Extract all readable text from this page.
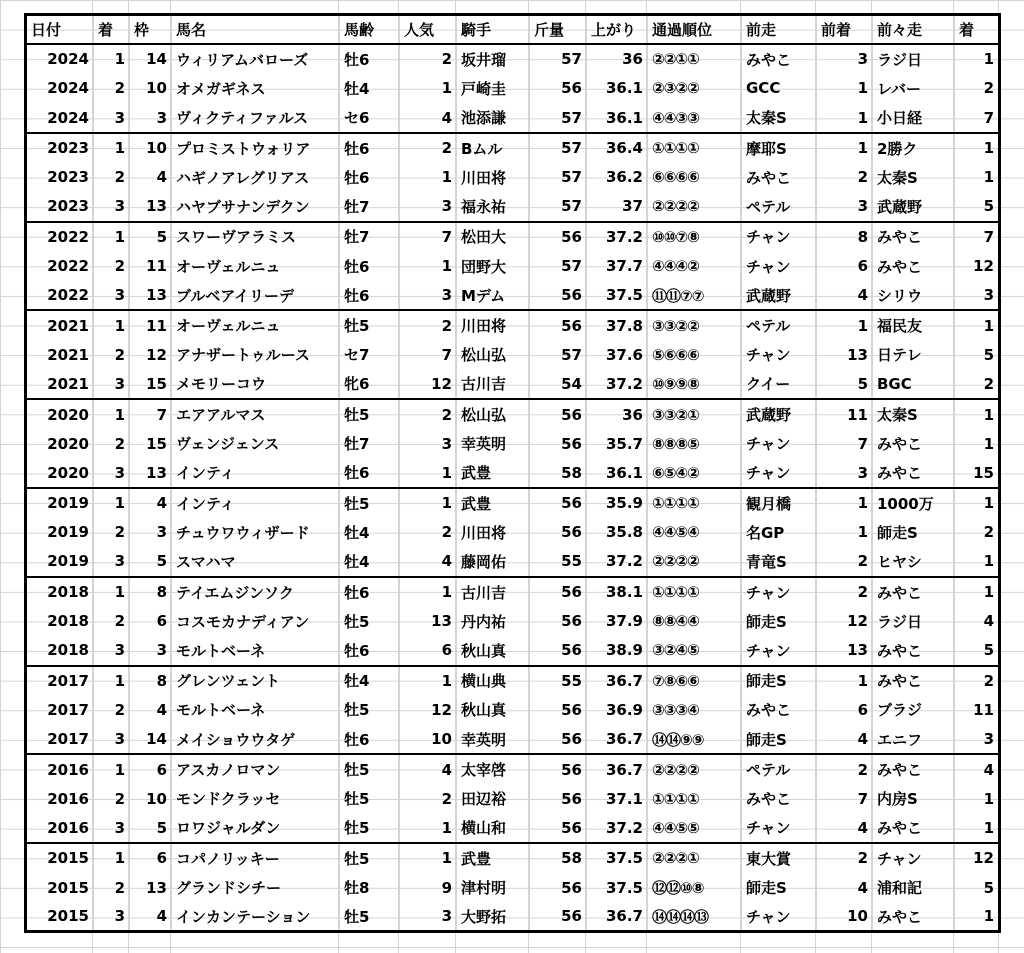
日付	着	枠	馬名	馬齢	人気	騎手	斤量	上がり	通過順位	前走	前着	前々走	着
2024	1	14	ウィリアムバローズ	牡6	2	坂井瑠	57	36	②②①①	みやこ	3	ラジ日	1
2024	2	10	オメガギネス	牡4	1	戸崎圭	56	36.1	②③②②	GCC	1	レバー	2
2024	3	3	ヴィクティファルス	セ6	4	池添謙	57	36.1	④④③③	太秦S	1	小日経	7
2023	1	10	プロミストウォリア	牡6	2	Bムル	57	36.4	①①①①	摩耶S	1	2勝ク	1
2023	2	4	ハギノアレグリアス	牡6	1	川田将	57	36.2	⑥⑥⑥⑥	みやこ	2	太秦S	1
2023	3	13	ハヤブサナンデクン	牡7	3	福永祐	57	37	②②②②	ペテル	3	武蔵野	5
2022	1	5	スワーヴアラミス	牡7	7	松田大	56	37.2	⑩⑩⑦⑧	チャン	8	みやこ	7
2022	2	11	オーヴェルニュ	牡6	1	団野大	57	37.7	④④④②	チャン	6	みやこ	12
2022	3	13	ブルベアイリーデ	牡6	3	Mデム	56	37.5	⑪⑪⑦⑦	武蔵野	4	シリウ	3
2021	1	11	オーヴェルニュ	牡5	2	川田将	56	37.8	③③②②	ペテル	1	福民友	1
2021	2	12	アナザートゥルース	セ7	7	松山弘	57	37.6	⑤⑥⑥⑥	チャン	13	日テレ	5
2021	3	15	メモリーコウ	牝6	12	古川吉	54	37.2	⑩⑨⑨⑧	クイー	5	BGC	2
2020	1	7	エアアルマス	牡5	2	松山弘	56	36	③③②①	武蔵野	11	太秦S	1
2020	2	15	ヴェンジェンス	牡7	3	幸英明	56	35.7	⑧⑧⑧⑤	チャン	7	みやこ	1
2020	3	13	インティ	牡6	1	武豊	58	36.1	⑥⑤④②	チャン	3	みやこ	15
2019	1	4	インティ	牡5	1	武豊	56	35.9	①①①①	観月橋	1	1000万	1
2019	2	3	チュウワウィザード	牡4	2	川田将	56	35.8	④④⑤④	名GP	1	師走S	2
2019	3	5	スマハマ	牡4	4	藤岡佑	55	37.2	②②②②	青竜S	2	ヒヤシ	1
2018	1	8	テイエムジンソク	牡6	1	古川吉	56	38.1	①①①①	チャン	2	みやこ	1
2018	2	6	コスモカナディアン	牡5	13	丹内祐	56	37.9	⑧⑧④④	師走S	12	ラジ日	4
2018	3	3	モルトベーネ	牡6	6	秋山真	56	38.9	③②④⑤	チャン	13	みやこ	5
2017	1	8	グレンツェント	牡4	1	横山典	55	36.7	⑦⑧⑥⑥	師走S	1	みやこ	2
2017	2	4	モルトベーネ	牡5	12	秋山真	56	36.9	③③③④	みやこ	6	ブラジ	11
2017	3	14	メイショウウタゲ	牡6	10	幸英明	56	36.7	⑭⑭⑨⑨	師走S	4	エニフ	3
2016	1	6	アスカノロマン	牡5	4	太宰啓	56	36.7	②②②②	ペテル	2	みやこ	4
2016	2	10	モンドクラッセ	牡5	2	田辺裕	56	37.1	①①①①	みやこ	7	内房S	1
2016	3	5	ロワジャルダン	牡5	1	横山和	56	37.2	④④⑤⑤	チャン	4	みやこ	1
2015	1	6	コパノリッキー	牡5	1	武豊	58	37.5	②②②①	東大賞	2	チャン	12
2015	2	13	グランドシチー	牡8	9	津村明	56	37.5	⑫⑫⑩⑧	師走S	4	浦和記	5
2015	3	4	インカンテーション	牡5	3	大野拓	56	36.7	⑭⑭⑭⑬	チャン	10	みやこ	1
